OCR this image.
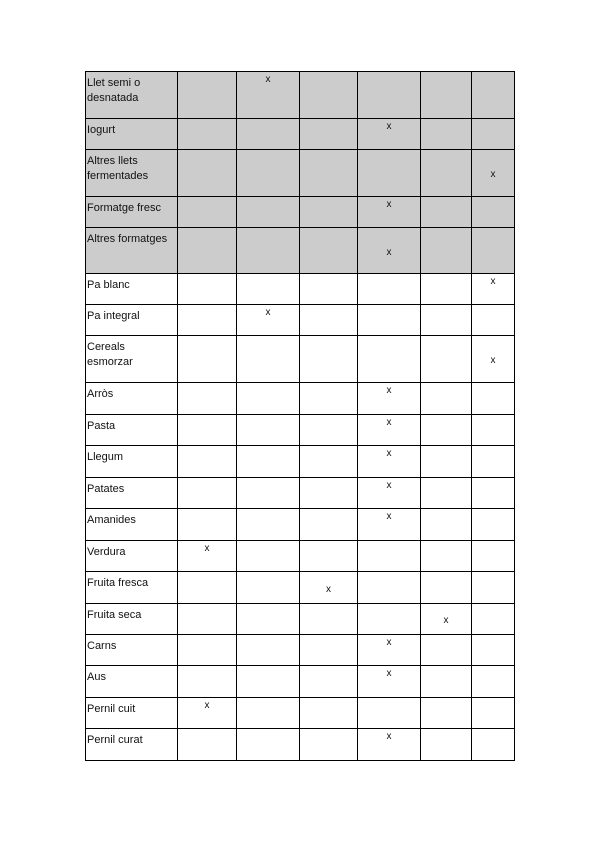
Llet semi o desnatada		x				

Iogurt				x		

Altres llets fermentades						x

Formatge fresc				x		

Altres formatges				x		

Pa blanc						x

Pa integral		x				

Cereals esmorzar						x

Arròs				x		

Pasta				x		

Llegum				x		

Patates				x		

Amanides				x		

Verdura	x					

Fruita fresca			x			

Fruita seca					x	

Carns				x		

Aus				x		

Pernil cuit	x					

Pernil curat				x		
